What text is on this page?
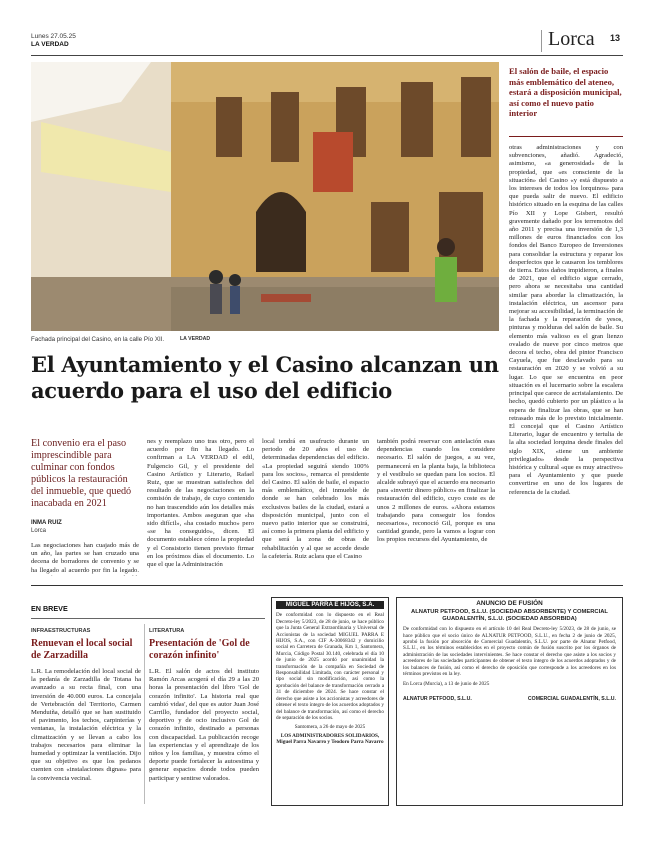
Lunes 27.05.25
LA VERDAD	Lorca 13
Fachada principal del Casino, en la calle Pío XII.	LA VERDAD
El salón de baile, el espacio más emblemático del ateneo, estará a disposición municipal, así como el nuevo patio interior
otras administraciones y con subvenciones, añadió. Agradeció, asimismo, «a generosidad» de la propiedad, que «es consciente de la situación» del Casino «y está dispuesto a los intereses de todos los lorquinos» para que pueda salir de nuevo. El edificio histórico situado en la esquina de las calles Pío XII y Lope Gisbert, resultó gravemente dañado por los terremotos del año 2011 y precisa una inversión de 1,3 millones de euros financiados con los fondos del Banco Europeo de Inversiones para consolidar la estructura y reparar los desperfectos que le causaron los temblores de tierra. Estos daños impidieron, a finales de 2021, que el edificio sigue cerrado, pero ahora se necesitaba una cantidad similar para abordar la climatización, la instalación eléctrica, un ascensor para mejorar su accesibilidad, la terminación de la fachada y la reparación de yesos, pinturas y molduras del salón de baile. Su elemento más valioso es el gran lienzo ovalado de nueve por cinco metros que decora el techo, obra del pintor Francisco Cayuela, que fue desclavado para su restauración en 2020 y se volvió a su lugar. Lo que se encuentra en peor situación es el lucernario sobre la escalera principal que carece de acristalamiento. De hecho, quedó cubierto por un plástico a la espera de finalizar las obras, que se han retrasado más de lo previsto inicialmente. El concejal que el Casino Artístico Literario, lugar de encuentro y tertulia de la alta sociedad lorquina desde finales del siglo XIX, «tiene un ambiente privilegiado» desde la perspectiva histórica y cultural «que es muy atractivo» para el Ayuntamiento y que puede convertirse en uno de los lugares de referencia de la ciudad.
El Ayuntamiento y el Casino alcanzan un acuerdo para el uso del edificio
El convenio era el paso imprescindible para culminar con fondos públicos la restauración del inmueble, que quedó inacabada en 2021
INMA RUIZ
Lorca
Las negociaciones han cuajado más de un año, las partes se han cruzado una decena de borradores de convenio y se ha llegado al acuerdo por fin la legado.
nes y reemplazo uno tras otro, pero el acuerdo por fin ha llegado. Lo confirman a LA VERDAD el edil, Fulgencio Gil, y el presidente del Casino Artístico y Literario, Rafael Ruiz, que se muestran satisfechos del resultado de las negociaciones en la comisión de trabajo, de cuyo contenido no han trascendido aún los detalles más importantes. Ambos aseguran que «ha sido difícil», «ha costado mucho» pero «se ha conseguido», dicen. El documento establece cómo la propiedad y el Consistorio tienen previsto firmar en los próximos días el documento. Lo que el que la Administración
local tendrá en usufructo durante un periodo de 20 años el uso de determinadas dependencias del edificio. «La propiedad seguirá siendo 100% para los socios», remarca el presidente del Casino. El salón de baile, el espacio más emblemático, del inmueble de donde se han celebrado los más exclusivos bailes de la ciudad, estará a disposición municipal, junto con el nuevo patio interior que se construirá, así como la primera planta del edificio y que será la zona de obras de rehabilitación y al que se accede desde la cafetería. Ruiz aclara que el Casino
también podrá reservar con antelación esas dependencias cuando los considere necesario. El salón de juegos, a su vez, permanecerá en la planta baja, la biblioteca y el vestíbulo se quedan para los socios. El alcalde subrayó que el acuerdo era necesario para «invertir dinero público» en finalizar la restauración del edificio, cuyo coste es de unos 2 millones de euros. «Ahora estamos trabajando para conseguir los fondos necesarios», reconoció Gil, porque es una cantidad grande, pero la vamos a lograr con los propios recursos del Ayuntamiento, de
EN BREVE
INFRAESTRUCTURAS
Renuevan el local social de Zarzadilla
L.R. La remodelación del local social de la pedanía de Zarzadilla de Totana ha avanzado a su recta final, con una inversión de 40.000 euros. La concejala de Vertebración del Territorio, Carmen Menduiña, detalló que se han sustituido el pavimento, los techos, carpinterías y ventanas, la instalación eléctrica y la climatización y se llevan a cabo los trabajos necesarios para eliminar la humedad y optimizar la ventilación. Dijo que su objetivo es que los pedanos cuenten con «instalaciones dignas» para la convivencia vecinal.
LITERATURA
Presentación de 'Gol de corazón infinito'
L.R. El salón de actos del instituto Ramón Arcas acogerá el día 29 a las 20 horas la presentación del libro 'Gol de corazón infinito'. La historia real que cambió vidas', del que es autor Juan José Carrillo, fundador del proyecto social, deportivo y de ocio inclusivo Gol de corazón infinito, destinado a personas con discapacidad. La publicación recoge las experiencias y el aprendizaje de los niños y los familias, y muestra cómo el deporte puede fortalecer la autoestima y generar espacios donde todos pueden participar y sentirse valorados.
MIGUEL PARRA E HIJOS, S.A.
De conformidad con lo dispuesto en el Real Decreto-ley 5/2023, de 28 de junio, se hace público que la Junta General Extraordinaria y Universal de Accionistas de la sociedad MIGUEL PARRA E HIJOS, S.A., con CIF A-30068342 y domicilio social en Carretera de Granada, Km 1, Santomera, Murcia, Código Postal 30.140, celebrada el día 10 de junio de 2025 acordó por unanimidad la transformación de la compañía en Sociedad de Responsabilidad Limitada, con carácter personal y tipo social sin modificación, así como la aprobación del balance de transformación cerrado a 31 de diciembre de 2024. Se hace constar el derecho que asiste a los accionistas y acreedores de obtener el texto íntegro de los acuerdos adoptados y del balance de transformación, así como el derecho de separación de los socios.
Santomera, a 26 de mayo de 2025
LOS ADMINISTRADORES SOLIDARIOS, Miguel Parra Navarro y Teodoro Parra Navarro
ANUNCIO DE FUSIÓN
ALNATUR PETFOOD, S.L.U. (SOCIEDAD ABSORBENTE) Y COMERCIAL GUADALENTÍN, S.L.U. (SOCIEDAD ABSORBIDA)
De conformidad con lo dispuesto en el artículo 10 del Real Decreto-ley 5/2023, de 28 de junio, se hace público que el socio único de ALNATUR PETFOOD, S.L.U., en fecha 2 de junio de 2025, aprobó la fusión por absorción de Comercial Guadalentín, S.L.U. por parte de Alnatur Petfood, S.L.U., en los términos establecidos en el proyecto común de fusión suscrito por los órganos de administración de las sociedades intervinientes. Se hace constar el derecho que asiste a los socios y acreedores de las sociedades participantes de obtener el texto íntegro de los acuerdos adoptados y de los balances de fusión, así como el derecho de oposición que corresponde a los acreedores en los términos previstos en la ley.
En Lorca (Murcia), a 13 de junio de 2025
ALNATUR PETFOOD, S.L.U.	COMERCIAL GUADALENTÍN, S.L.U.
